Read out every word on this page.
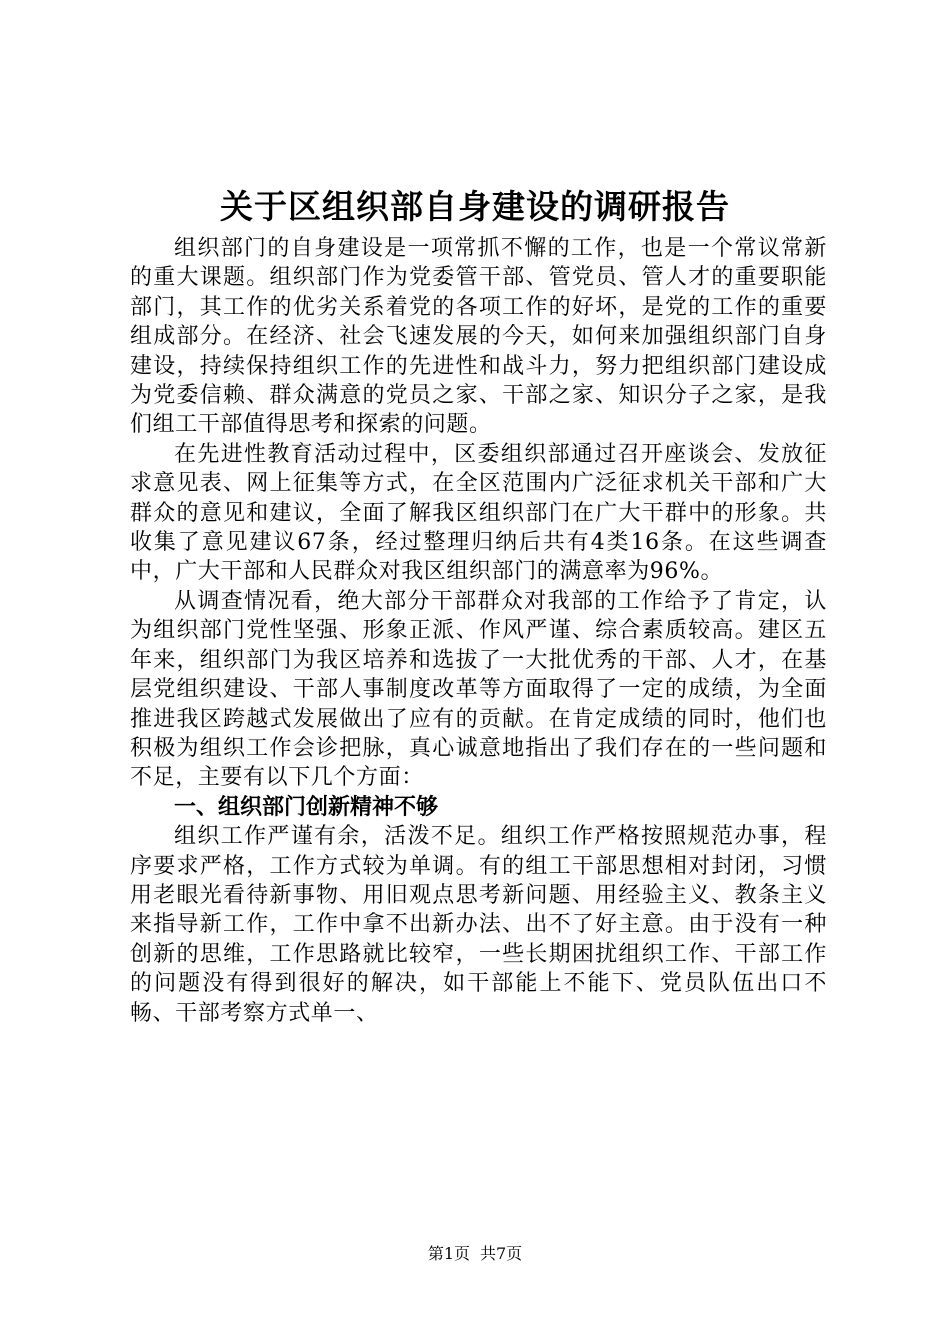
关于区组织部自身建设的调研报告

组织部门的自身建设是一项常抓不懈的工作，也是一个常议常新的重大课题。组织部门作为党委管干部、管党员、管人才的重要职能部门，其工作的优劣关系着党的各项工作的好坏，是党的工作的重要组成部分。在经济、社会飞速发展的今天，如何来加强组织部门自身建设，持续保持组织工作的先进性和战斗力，努力把组织部门建设成为党委信赖、群众满意的党员之家、干部之家、知识分子之家，是我们组工干部值得思考和探索的问题。

在先进性教育活动过程中，区委组织部通过召开座谈会、发放征求意见表、网上征集等方式，在全区范围内广泛征求机关干部和广大群众的意见和建议，全面了解我区组织部门在广大干群中的形象。共收集了意见建议67条，经过整理归纳后共有4类16条。在这些调查中，广大干部和人民群众对我区组织部门的满意率为96%。

从调查情况看，绝大部分干部群众对我部的工作给予了肯定，认为组织部门党性坚强、形象正派、作风严谨、综合素质较高。建区五年来，组织部门为我区培养和选拔了一大批优秀的干部、人才，在基层党组织建设、干部人事制度改革等方面取得了一定的成绩，为全面推进我区跨越式发展做出了应有的贡献。在肯定成绩的同时，他们也积极为组织工作会诊把脉，真心诚意地指出了我们存在的一些问题和不足，主要有以下几个方面：

一、组织部门创新精神不够

组织工作严谨有余，活泼不足。组织工作严格按照规范办事，程序要求严格，工作方式较为单调。有的组工干部思想相对封闭，习惯用老眼光看待新事物、用旧观点思考新问题、用经验主义、教条主义来指导新工作，工作中拿不出新办法、出不了好主意。由于没有一种创新的思维，工作思路就比较窄，一些长期困扰组织工作、干部工作的问题没有得到很好的解决，如干部能上不能下、党员队伍出口不畅、干部考察方式单一、

第1页 共7页
